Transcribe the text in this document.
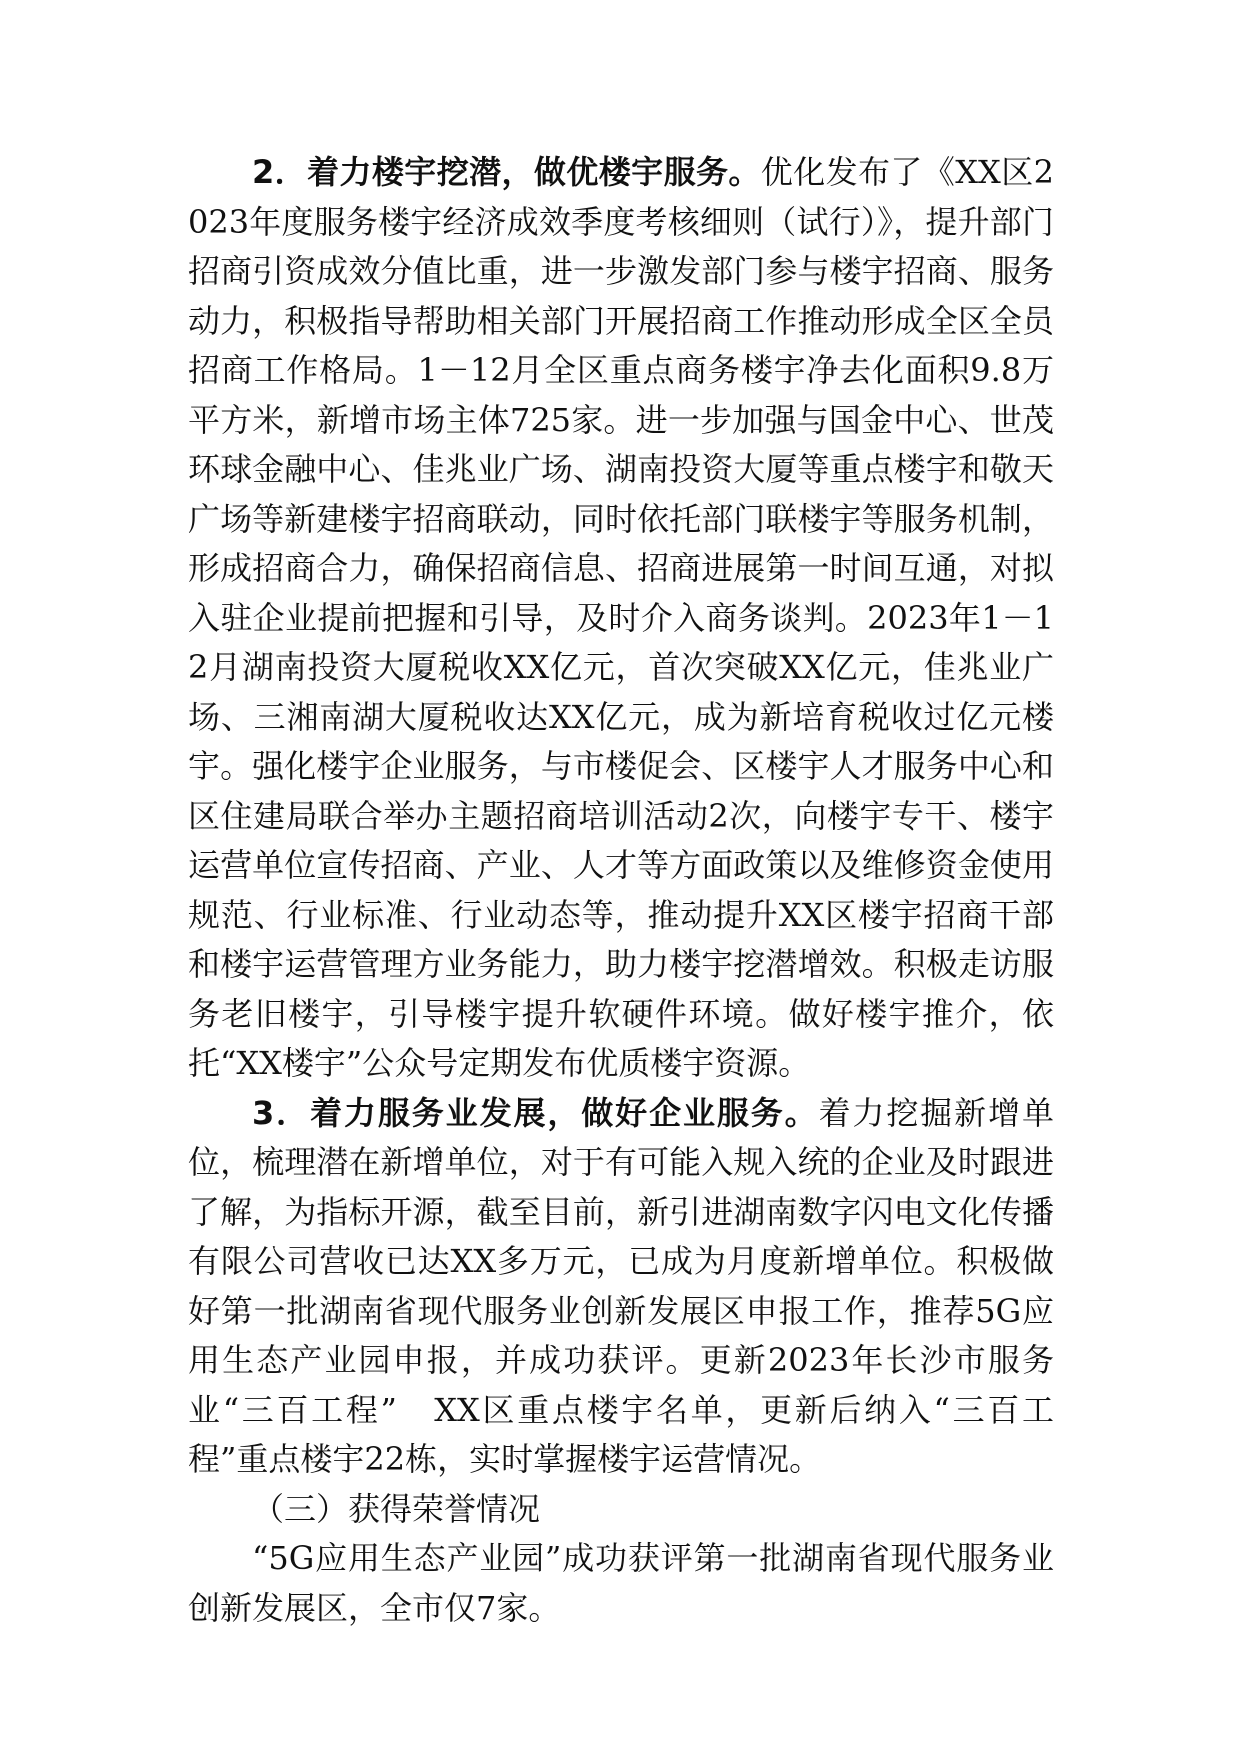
2．着力楼宇挖潜，做优楼宇服务。优化发布了《XX区2023年度服务楼宇经济成效季度考核细则（试行）》，提升部门招商引资成效分值比重，进一步激发部门参与楼宇招商、服务动力，积极指导帮助相关部门开展招商工作推动形成全区全员招商工作格局。1－12月全区重点商务楼宇净去化面积9.8万平方米，新增市场主体725家。进一步加强与国金中心、世茂环球金融中心、佳兆业广场、湖南投资大厦等重点楼宇和敬天广场等新建楼宇招商联动，同时依托部门联楼宇等服务机制，形成招商合力，确保招商信息、招商进展第一时间互通，对拟入驻企业提前把握和引导，及时介入商务谈判。2023年1－12月湖南投资大厦税收XX亿元，首次突破XX亿元，佳兆业广场、三湘南湖大厦税收达XX亿元，成为新培育税收过亿元楼宇。强化楼宇企业服务，与市楼促会、区楼宇人才服务中心和区住建局联合举办主题招商培训活动2次，向楼宇专干、楼宇运营单位宣传招商、产业、人才等方面政策以及维修资金使用规范、行业标准、行业动态等，推动提升XX区楼宇招商干部和楼宇运营管理方业务能力，助力楼宇挖潜增效。积极走访服务老旧楼宇，引导楼宇提升软硬件环境。做好楼宇推介，依托“XX楼宇”公众号定期发布优质楼宇资源。

3．着力服务业发展，做好企业服务。着力挖掘新增单位，梳理潜在新增单位，对于有可能入规入统的企业及时跟进了解，为指标开源，截至目前，新引进湖南数字闪电文化传播有限公司营收已达XX多万元，已成为月度新增单位。积极做好第一批湖南省现代服务业创新发展区申报工作，推荐5G应用生态产业园申报，并成功获评。更新2023年长沙市服务业“三百工程”　XX区重点楼宇名单，更新后纳入“三百工程”重点楼宇22栋，实时掌握楼宇运营情况。

（三）获得荣誉情况

“5G应用生态产业园”成功获评第一批湖南省现代服务业创新发展区，全市仅7家。
